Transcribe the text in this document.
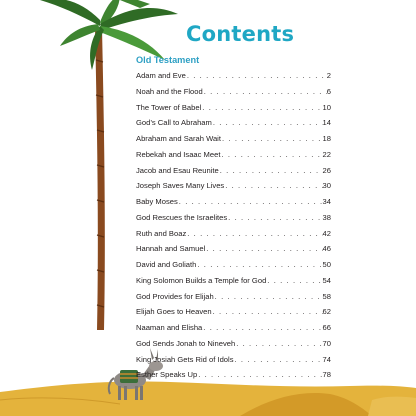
Contents
Old Testament
Adam and Eve . . .	2
Noah and the Flood . . .	6
The Tower of Babel . . .	10
God’s Call to Abraham . . .	14
Abraham and Sarah Wait . . .	18
Rebekah and Isaac Meet . . .	22
Jacob and Esau Reunite . . .	26
Joseph Saves Many Lives . . .	30
Baby Moses . . .	34
God Rescues the Israelites . . .	38
Ruth and Boaz . . .	42
Hannah and Samuel . . .	46
David and Goliath . . .	50
King Solomon Builds a Temple for God . . .	54
God Provides for Elijah . . .	58
Elijah Goes to Heaven . . .	62
Naaman and Elisha . . .	66
God Sends Jonah to Nineveh . . .	70
King Josiah Gets Rid of Idols . . .	74
Esther Speaks Up . . .	78
